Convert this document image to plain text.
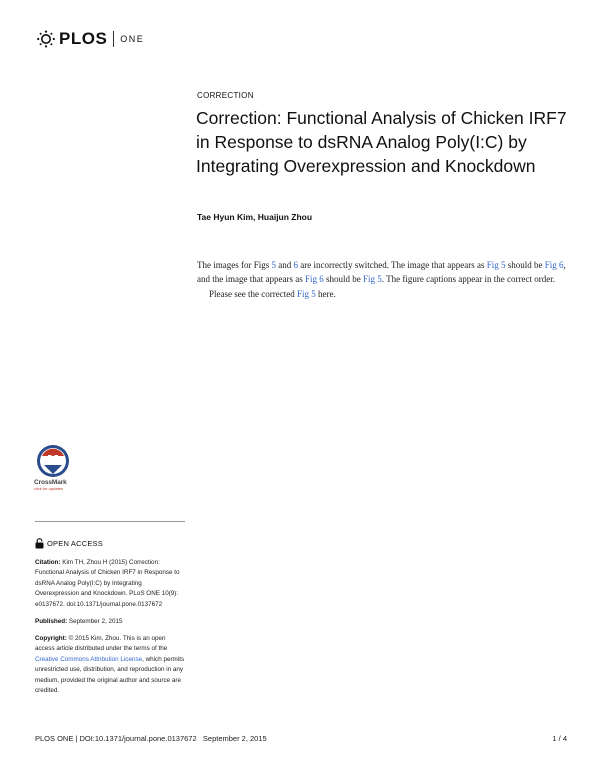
PLOS ONE
CORRECTION
Correction: Functional Analysis of Chicken IRF7 in Response to dsRNA Analog Poly(I:C) by Integrating Overexpression and Knockdown
Tae Hyun Kim, Huaijun Zhou

The images for Figs 5 and 6 are incorrectly switched. The image that appears as Fig 5 should be Fig 6, and the image that appears as Fig 6 should be Fig 5. The figure captions appear in the correct order.

Please see the corrected Fig 5 here.

CrossMark
click for updates
OPEN ACCESS
Citation: Kim TH, Zhou H (2015) Correction: Functional Analysis of Chicken IRF7 in Response to dsRNA Analog Poly(I:C) by Integrating Overexpression and Knockdown. PLoS ONE 10(9): e0137672. doi:10.1371/journal.pone.0137672
Published: September 2, 2015
Copyright: © 2015 Kim, Zhou. This is an open access article distributed under the terms of the Creative Commons Attribution License, which permits unrestricted use, distribution, and reproduction in any medium, provided the original author and source are credited.
PLOS ONE | DOI:10.1371/journal.pone.0137672   September 2, 2015	1 / 4
